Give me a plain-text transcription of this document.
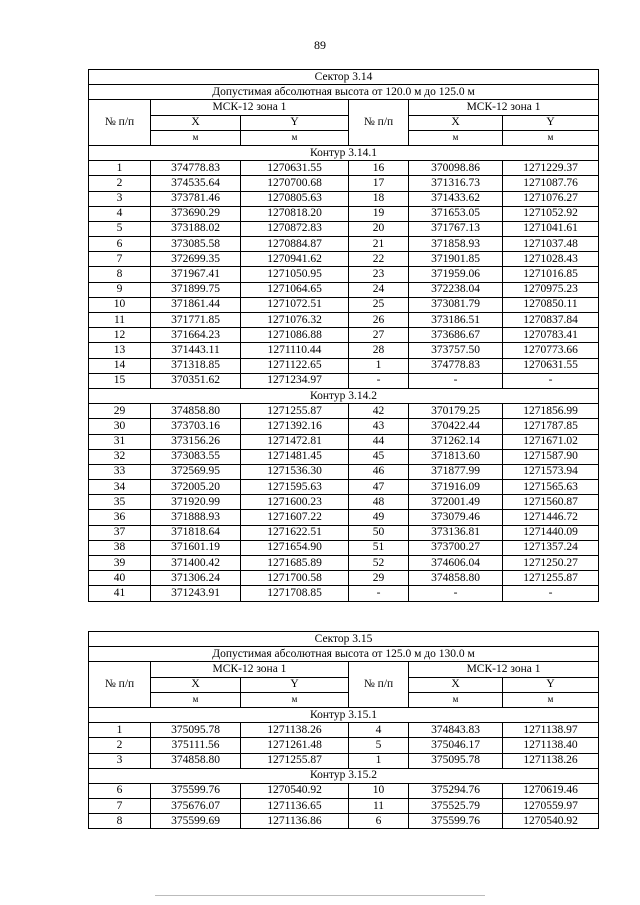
89
Сектор 3.14					
Допустимая абсолютная высота от 120.0 м до 125.0 м					
№ п/п	МСК-12 зона 1		№ п/п	МСК-12 зона 1	
	X	Y		X	Y
	м	м		м	м
Контур 3.14.1					
1	374778.83	1270631.55	16	370098.86	1271229.37
2	374535.64	1270700.68	17	371316.73	1271087.76
3	373781.46	1270805.63	18	371433.62	1271076.27
4	373690.29	1270818.20	19	371653.05	1271052.92
5	373188.02	1270872.83	20	371767.13	1271041.61
6	373085.58	1270884.87	21	371858.93	1271037.48
7	372699.35	1270941.62	22	371901.85	1271028.43
8	371967.41	1271050.95	23	371959.06	1271016.85
9	371899.75	1271064.65	24	372238.04	1270975.23
10	371861.44	1271072.51	25	373081.79	1270850.11
11	371771.85	1271076.32	26	373186.51	1270837.84
12	371664.23	1271086.88	27	373686.67	1270783.41
13	371443.11	1271110.44	28	373757.50	1270773.66
14	371318.85	1271122.65	1	374778.83	1270631.55
15	370351.62	1271234.97	-	-	-
Контур 3.14.2					
29	374858.80	1271255.87	42	370179.25	1271856.99
30	373703.16	1271392.16	43	370422.44	1271787.85
31	373156.26	1271472.81	44	371262.14	1271671.02
32	373083.55	1271481.45	45	371813.60	1271587.90
33	372569.95	1271536.30	46	371877.99	1271573.94
34	372005.20	1271595.63	47	371916.09	1271565.63
35	371920.99	1271600.23	48	372001.49	1271560.87
36	371888.93	1271607.22	49	373079.46	1271446.72
37	371818.64	1271622.51	50	373136.81	1271440.09
38	371601.19	1271654.90	51	373700.27	1271357.24
39	371400.42	1271685.89	52	374606.04	1271250.27
40	371306.24	1271700.58	29	374858.80	1271255.87
41	371243.91	1271708.85	-	-	-
Сектор 3.15					
Допустимая абсолютная высота от 125.0 м до 130.0 м					
№ п/п	МСК-12 зона 1		№ п/п	МСК-12 зона 1	
	X	Y		X	Y
	м	м		м	м
Контур 3.15.1					
1	375095.78	1271138.26	4	374843.83	1271138.97
2	375111.56	1271261.48	5	375046.17	1271138.40
3	374858.80	1271255.87	1	375095.78	1271138.26
Контур 3.15.2					
6	375599.76	1270540.92	10	375294.76	1270619.46
7	375676.07	1271136.65	11	375525.79	1270559.97
8	375599.69	1271136.86	6	375599.76	1270540.92
